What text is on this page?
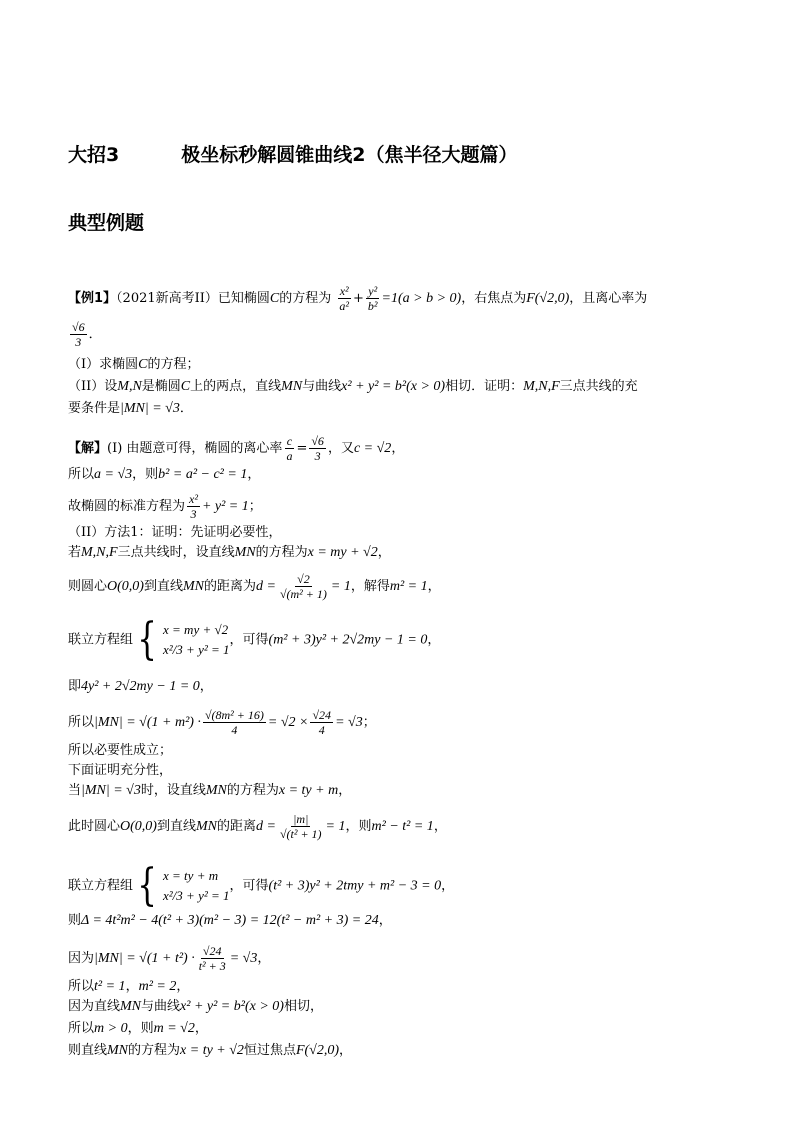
大招3	极坐标秒解圆锥曲线2（焦半径大题篇）
典型例题
【例1】（2021新高考II）已知椭圆C的方程为 $\frac{\text{x²}}{\text{a²}} + \frac{\text{y²}}{\text{b²}} =1(a > b > 0)$，右焦点为F(√2,0)，且离心率为
$\frac{√6}{3}$ ．
（I）求椭圆C的方程；
（II）设M,N是椭圆C上的两点，直线MN与曲线x² + y² = b²(x > 0)相切．证明：M,N,F三点共线的充
要条件是|MN| = √3．
【解】(I) 由题意可得，椭圆的离心率 $\frac{c}{a} = \frac{√6}{3}$ ，又c = √2，
所以a = √3，则b² = a² − c² = 1，
故椭圆的标准方程为 $\frac{\text{x²}}{3} + y^2 = 1$；
（II）方法1：证明：先证明必要性，
若M,N,F三点共线时，设直线MN的方程为x = my + √2，
则圆心O(0,0)到直线MN的距离为$d = \frac{√2}{\text{√(m² + 1)}} = 1$，解得m² = 1，
联立方程组 { x = my + √2
x²/3 + y² = 1
，可得(m² + 3)y² + 2√2my − 1 = 0，
即4y² + 2√2my − 1 = 0，
所以$|MN| = √(1 + m^2) \cdot \frac{\text{√(8m² + 16)}}{4} = √2 \times \frac{√24}{4} = √3$；
所以必要性成立；
下面证明充分性，
当|MN| = √3时，设直线MN的方程为x = ty + m，
此时圆心O(0,0)到直线MN的距离$d = \frac{|m|}{\text{√(t² + 1)}} = 1$，则m² − t² = 1，
联立方程组 { x = ty + m
x²/3 + y² = 1
，可得(t² + 3)y² + 2tmy + m² − 3 = 0，
则Δ = 4t²m² − 4(t² + 3)(m² − 3) = 12(t² − m² + 3) = 24，
因为$|MN| = √(1 + t^2) \cdot \frac{√24}{\text{t² + 3}} = √3$，
所以t² = 1，m² = 2，
因为直线MN与曲线x² + y² = b²(x > 0)相切，
所以m > 0，则m = √2，
则直线MN的方程为x = ty + √2恒过焦点F(√2,0)，
